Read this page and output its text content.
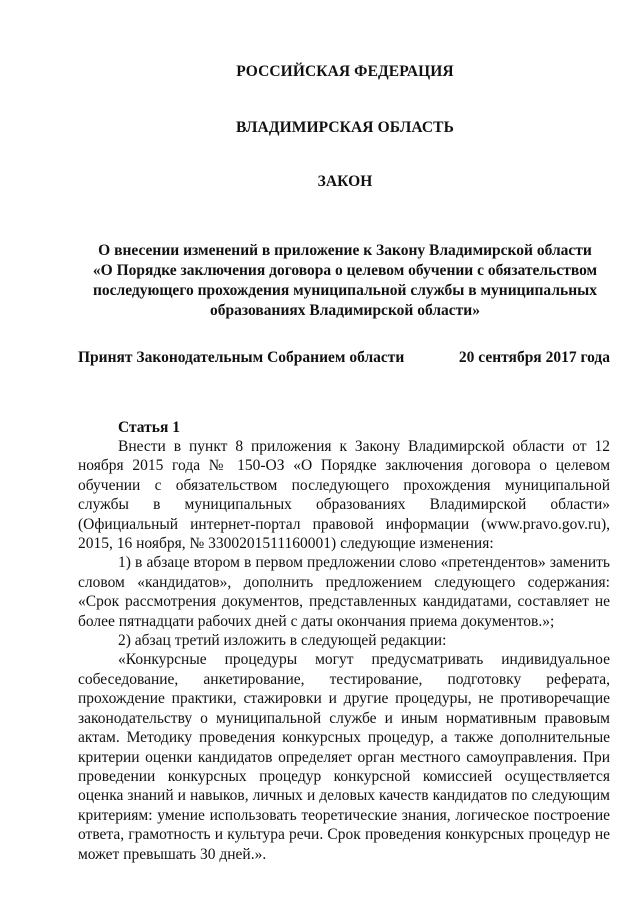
РОССИЙСКАЯ ФЕДЕРАЦИЯ
ВЛАДИМИРСКАЯ ОБЛАСТЬ
ЗАКОН
О внесении изменений в приложение к Закону Владимирской области
«О Порядке заключения договора о целевом обучении с обязательством
последующего прохождения муниципальной службы в муниципальных
образованиях Владимирской области»
Принят Законодательным Собранием области	20 сентября 2017 года
Статья 1

Внести в пункт 8 приложения к Закону Владимирской области от 12 ноября 2015 года № 150-ОЗ «О Порядке заключения договора о целевом обучении с обязательством последующего прохождения муниципальной службы в муниципальных образованиях Владимирской области» (Официальный интернет-портал правовой информации (www.pravo.gov.ru), 2015, 16 ноября, № 3300201511160001) следующие изменения:

1) в абзаце втором в первом предложении слово «претендентов» заменить словом «кандидатов», дополнить предложением следующего содержания: «Срок рассмотрения документов, представленных кандидатами, составляет не более пятнадцати рабочих дней с даты окончания приема документов.»;

2) абзац третий изложить в следующей редакции:

«Конкурсные процедуры могут предусматривать индивидуальное собеседование, анкетирование, тестирование, подготовку реферата, прохождение практики, стажировки и другие процедуры, не противоречащие законодательству о муниципальной службе и иным нормативным правовым актам. Методику проведения конкурсных процедур, а также дополнительные критерии оценки кандидатов определяет орган местного самоуправления. При проведении конкурсных процедур конкурсной комиссией осуществляется оценка знаний и навыков, личных и деловых качеств кандидатов по следующим критериям: умение использовать теоретические знания, логическое построение ответа, грамотность и культура речи. Срок проведения конкурсных процедур не может превышать 30 дней.».
